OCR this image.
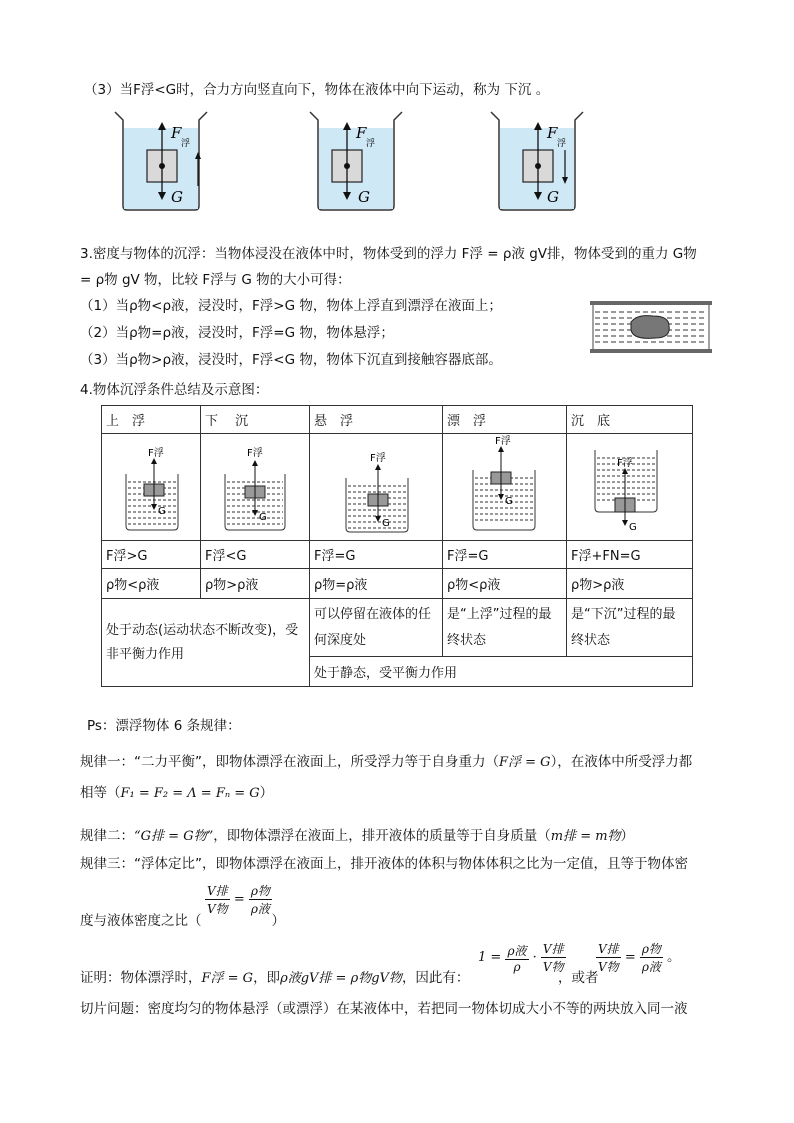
（3）当F浮<G时，合力方向竖直向下，物体在液体中向下运动，称为 下沉 。
F
浮
G
F
浮
G
F
浮
G
3.密度与物体的沉浮：当物体浸没在液体中时，物体受到的浮力 F浮 = ρ液 gV排，物体受到的重力 G物
= ρ物 gV 物，比较 F浮与 G 物的大小可得：
（1）当ρ物<ρ液，浸没时，F浮>G 物，物体上浮直到漂浮在液面上；
（2）当ρ物=ρ液，浸没时，F浮=G 物，物体悬浮；
（3）当ρ物>ρ液，浸没时，F浮<G 物，物体下沉直到接触容器底部。
4.物体沉浮条件总结及示意图：
上　浮	下　 沉	悬　浮	漂　浮	沉　底

F浮
G	F浮
G	F浮
G	F浮
G	F浮
G

F浮>G	F浮<G	F浮=G	F浮=G	F浮+FN=G
ρ物<ρ液	ρ物>ρ液	ρ物=ρ液	ρ物<ρ液	ρ物>ρ液
处于动态(运动状态不断改变)，受非平衡力作用		可以停留在液体的任何深度处	是“上浮”过程的最终状态	是“下沉”过程的最终状态
		处于静态，受平衡力作用		
Ps：漂浮物体 6 条规律：
规律一：“二力平衡”，即物体漂浮在液面上，所受浮力等于自身重力（F浮 = G），在液体中所受浮力都
相等（F₁ = F₂ = Λ = Fₙ = G）
规律二：“G排 = G物”，即物体漂浮在液面上，排开液体的质量等于自身质量（m排 = m物）
规律三：“浮体定比”，即物体漂浮在液面上，排开液体的体积与物体体积之比为一定值，且等于物体密
$\frac{\text{V排}}{\text{V物}} = \frac{\text{ρ物}}{\text{ρ液}}$
度与液体密度之比（	）
证明：物体漂浮时，F浮 = G，即ρ液gV排 = ρ物gV物，因此有：
$1 = \frac{\text{ρ液}}{\rho} \cdot \frac{\text{V排}}{\text{V物}}$
，或者
$\frac{\text{V排}}{\text{V物}} = \frac{\text{ρ物}}{\text{ρ液}}$ 。
切片问题：密度均匀的物体悬浮（或漂浮）在某液体中，若把同一物体切成大小不等的两块放入同一液
